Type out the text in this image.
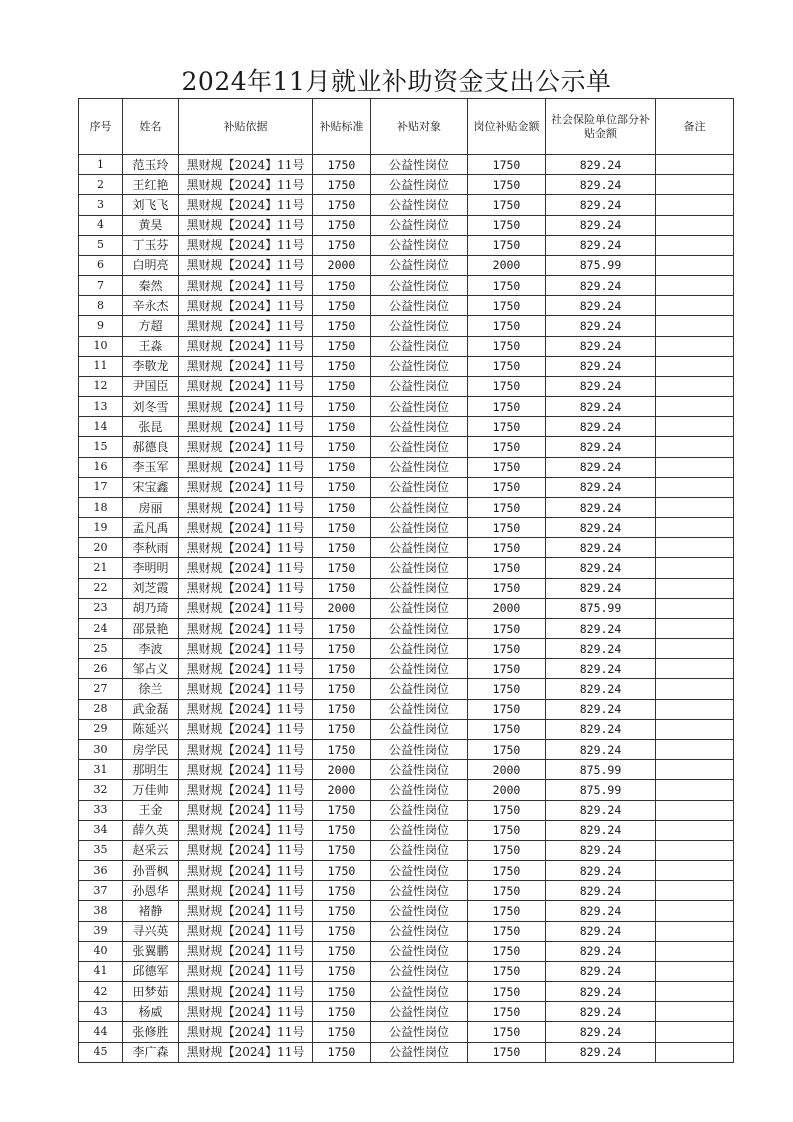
2024年11月就业补助资金支出公示单
序号	姓名	补贴依据	补贴标准	补贴对象	岗位补贴金额	社会保险单位部分补贴金额	备注
1	范玉玲	黑财规【2024】11号	1750	公益性岗位	1750	829.24	
2	王红艳	黑财规【2024】11号	1750	公益性岗位	1750	829.24	
3	刘飞飞	黑财规【2024】11号	1750	公益性岗位	1750	829.24	
4	黄昊	黑财规【2024】11号	1750	公益性岗位	1750	829.24	
5	丁玉芬	黑财规【2024】11号	1750	公益性岗位	1750	829.24	
6	白明亮	黑财规【2024】11号	2000	公益性岗位	2000	875.99	
7	秦然	黑财规【2024】11号	1750	公益性岗位	1750	829.24	
8	辛永杰	黑财规【2024】11号	1750	公益性岗位	1750	829.24	
9	方超	黑财规【2024】11号	1750	公益性岗位	1750	829.24	
10	王淼	黑财规【2024】11号	1750	公益性岗位	1750	829.24	
11	李敬龙	黑财规【2024】11号	1750	公益性岗位	1750	829.24	
12	尹国臣	黑财规【2024】11号	1750	公益性岗位	1750	829.24	
13	刘冬雪	黑财规【2024】11号	1750	公益性岗位	1750	829.24	
14	张昆	黑财规【2024】11号	1750	公益性岗位	1750	829.24	
15	郝德良	黑财规【2024】11号	1750	公益性岗位	1750	829.24	
16	李玉军	黑财规【2024】11号	1750	公益性岗位	1750	829.24	
17	宋宝鑫	黑财规【2024】11号	1750	公益性岗位	1750	829.24	
18	房丽	黑财规【2024】11号	1750	公益性岗位	1750	829.24	
19	孟凡禹	黑财规【2024】11号	1750	公益性岗位	1750	829.24	
20	李秋雨	黑财规【2024】11号	1750	公益性岗位	1750	829.24	
21	李明明	黑财规【2024】11号	1750	公益性岗位	1750	829.24	
22	刘芝霞	黑财规【2024】11号	1750	公益性岗位	1750	829.24	
23	胡乃琦	黑财规【2024】11号	2000	公益性岗位	2000	875.99	
24	邵景艳	黑财规【2024】11号	1750	公益性岗位	1750	829.24	
25	李波	黑财规【2024】11号	1750	公益性岗位	1750	829.24	
26	邹占义	黑财规【2024】11号	1750	公益性岗位	1750	829.24	
27	徐兰	黑财规【2024】11号	1750	公益性岗位	1750	829.24	
28	武金磊	黑财规【2024】11号	1750	公益性岗位	1750	829.24	
29	陈延兴	黑财规【2024】11号	1750	公益性岗位	1750	829.24	
30	房学民	黑财规【2024】11号	1750	公益性岗位	1750	829.24	
31	那明生	黑财规【2024】11号	2000	公益性岗位	2000	875.99	
32	万佳帅	黑财规【2024】11号	2000	公益性岗位	2000	875.99	
33	王金	黑财规【2024】11号	1750	公益性岗位	1750	829.24	
34	薛久英	黑财规【2024】11号	1750	公益性岗位	1750	829.24	
35	赵采云	黑财规【2024】11号	1750	公益性岗位	1750	829.24	
36	孙晋枫	黑财规【2024】11号	1750	公益性岗位	1750	829.24	
37	孙恩华	黑财规【2024】11号	1750	公益性岗位	1750	829.24	
38	褚静	黑财规【2024】11号	1750	公益性岗位	1750	829.24	
39	寻兴英	黑财规【2024】11号	1750	公益性岗位	1750	829.24	
40	张翼鹏	黑财规【2024】11号	1750	公益性岗位	1750	829.24	
41	邱德军	黑财规【2024】11号	1750	公益性岗位	1750	829.24	
42	田梦茹	黑财规【2024】11号	1750	公益性岗位	1750	829.24	
43	杨威	黑财规【2024】11号	1750	公益性岗位	1750	829.24	
44	张修胜	黑财规【2024】11号	1750	公益性岗位	1750	829.24	
45	李广森	黑财规【2024】11号	1750	公益性岗位	1750	829.24	
